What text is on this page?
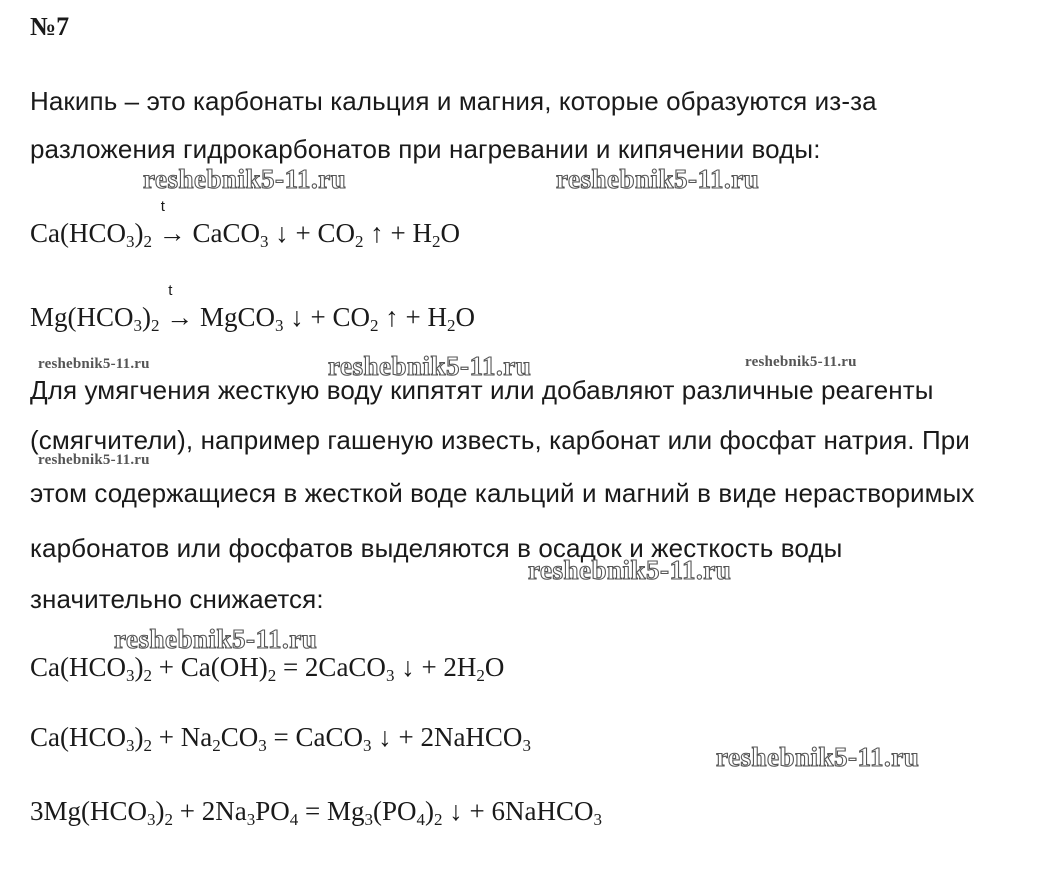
№7
Накипь – это карбонаты кальция и магния, которые образуются из-за
разложения гидрокарбонатов при нагревании и кипячении воды:
$Ca(HCO_3)_2$
t
→ CaCO$_3$ ↓ + $CO_2$ ↑ + $H_2O$
$Mg(HCO_3)_2$
t
→ MgCO$_3$ ↓ + $CO_2$ ↑ + $H_2O$
Для умягчения жесткую воду кипятят или добавляют различные реагенты
(смягчители), например гашеную известь, карбонат или фосфат натрия. При
этом содержащиеся в жесткой воде кальций и магний в виде нерастворимых
карбонатов или фосфатов выделяются в осадок и жесткость воды
значительно снижается:
$Ca(HCO_3)_2 + Ca(OH)_2$ = 2CaCO$_3$ ↓ + $2H_2O$
$Ca(HCO_3)_2 + Na_2CO_3$ = CaCO$_3$ ↓ + 2NaHCO$_3$
$3Mg(HCO_3)_2 + 2Na_3PO_4 = Mg_3(PO_4)_2$ ↓ + 6NaHCO$_3$
reshebnik5-11.ru	reshebnik5-11.ru
reshebnik5-11.ru	reshebnik5-11.ru	reshebnik5-11.ru
reshebnik5-11.ru
reshebnik5-11.ru
reshebnik5-11.ru
reshebnik5-11.ru
